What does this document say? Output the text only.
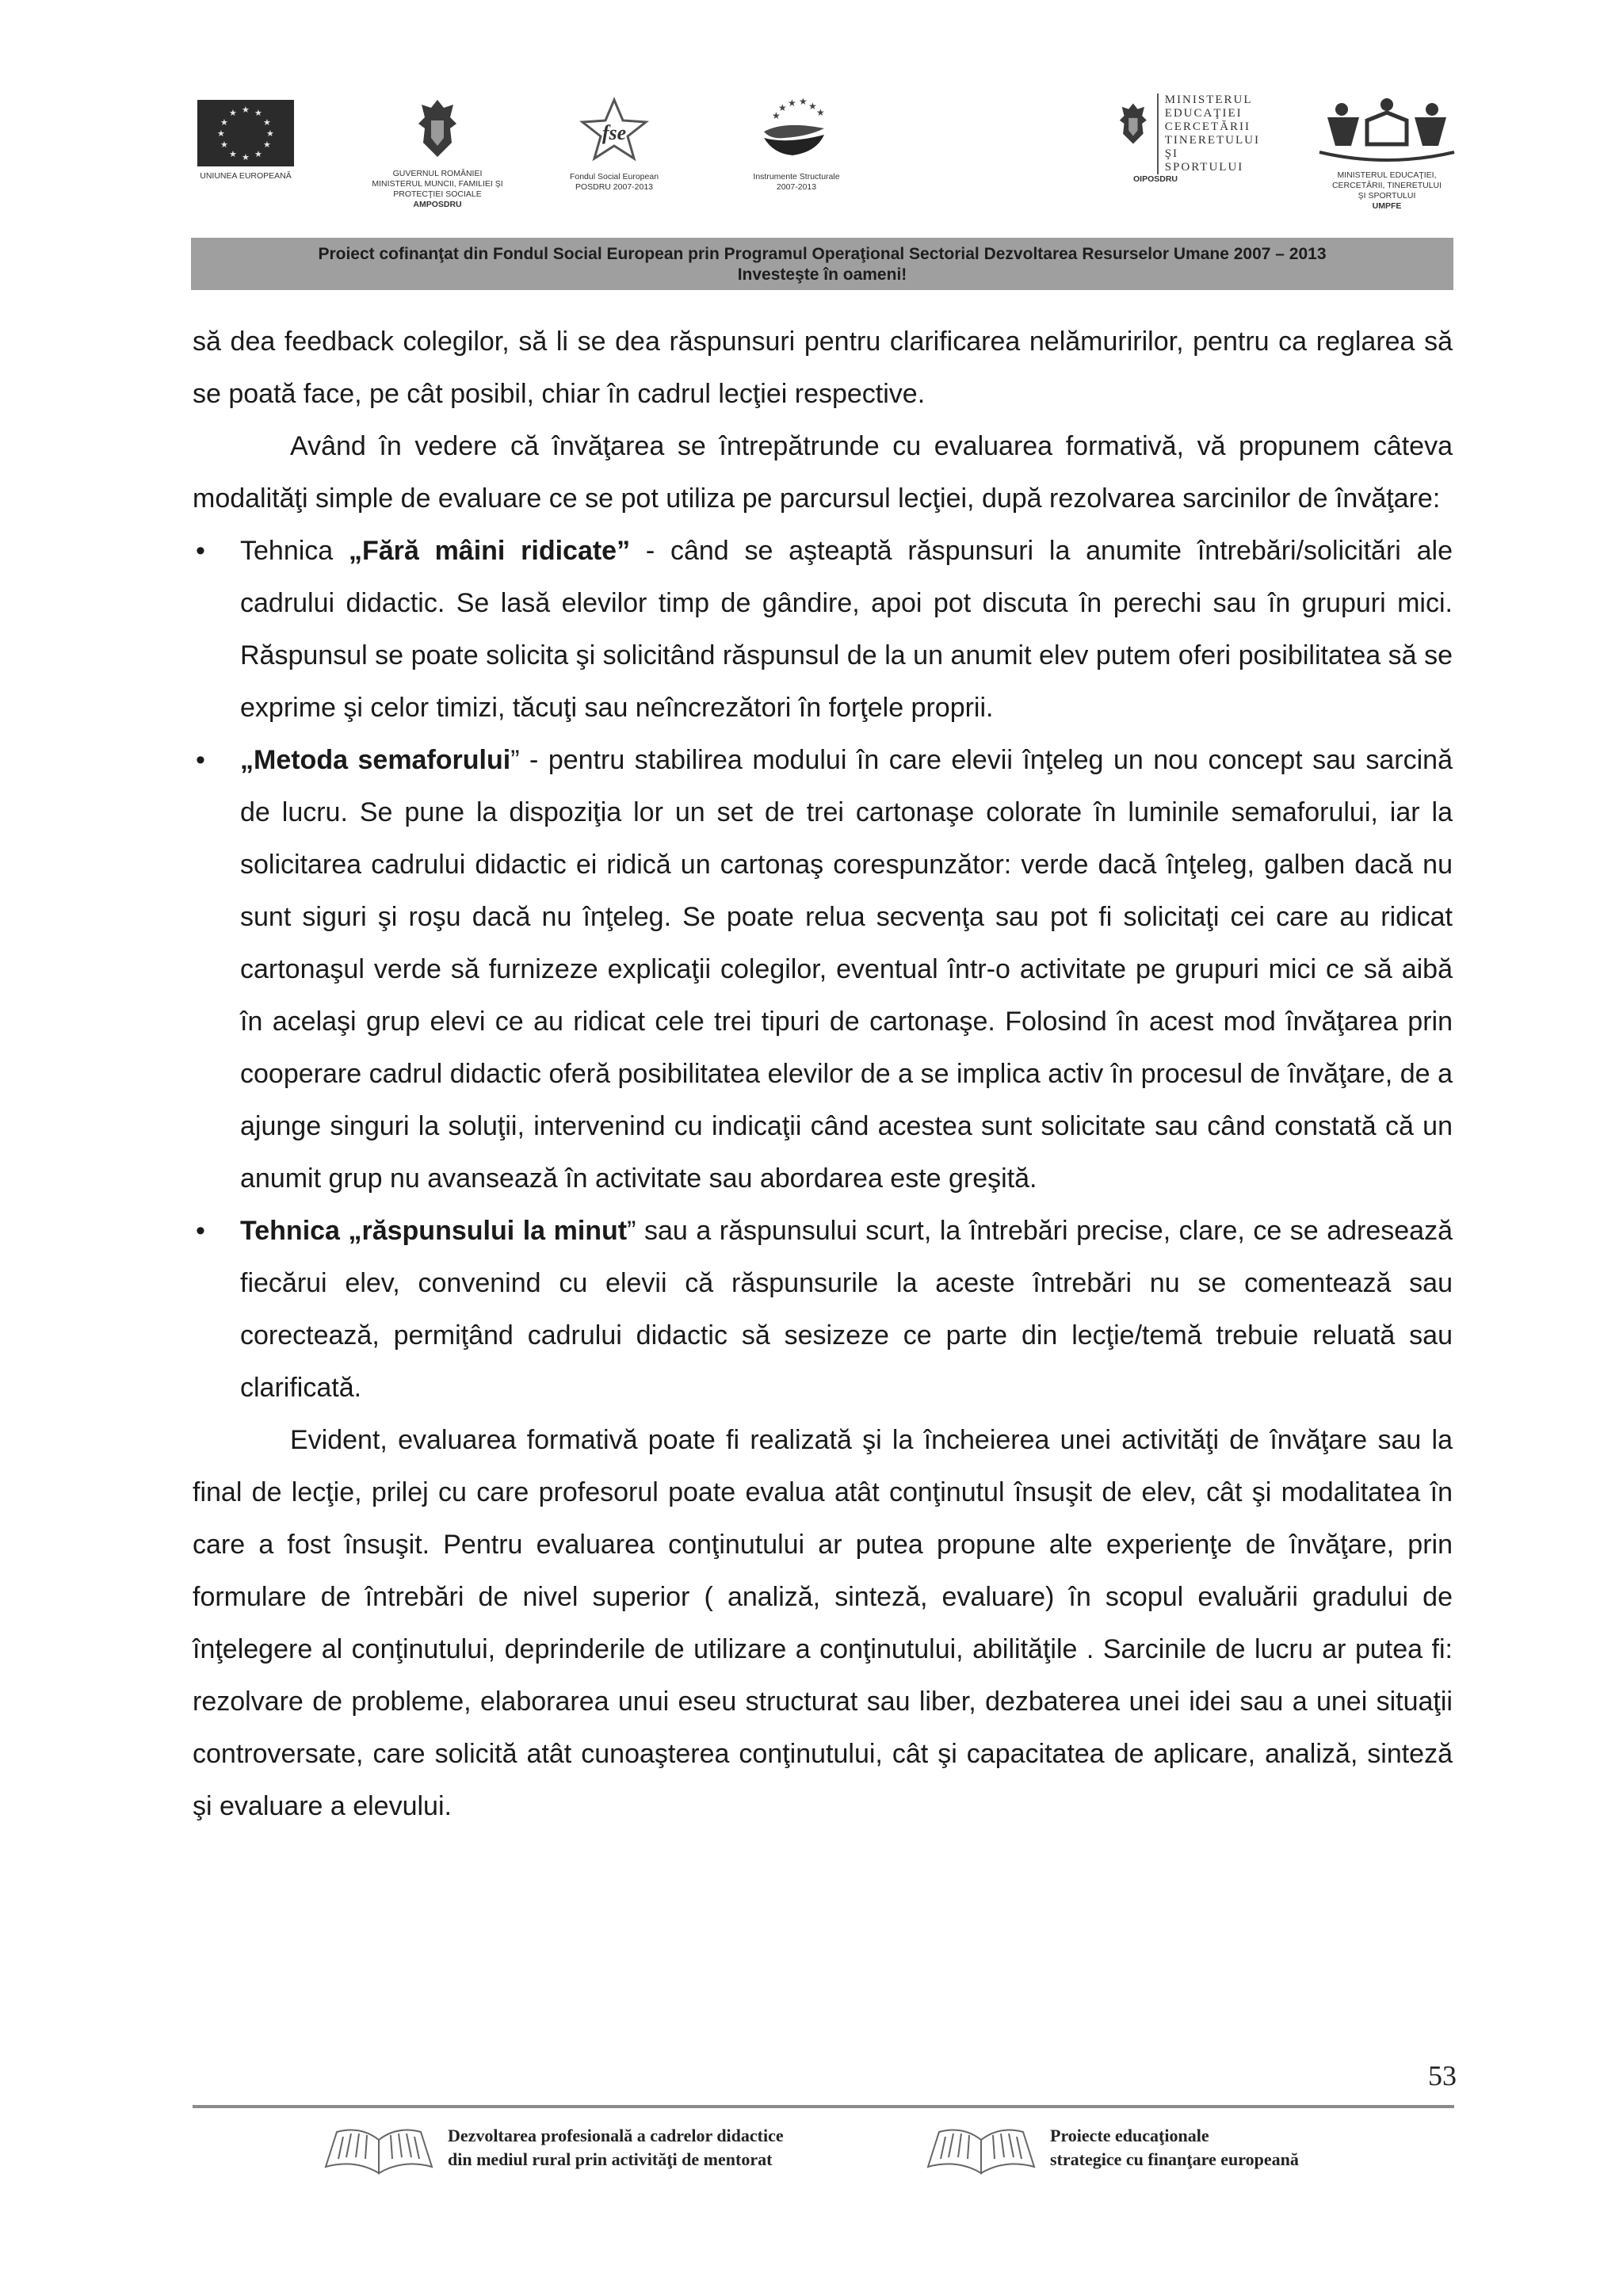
★ ★
★
★
★
★
★
★
★
★
★
★
UNIUNEA EUROPEANĂ	GUVERNUL ROMÂNIEI
MINISTERUL MUNCII, FAMILIEI ŞI
PROTECŢIEI SOCIALE
AMPOSDRU
fse
Fondul Social European
POSDRU 2007-2013
★ ★ ★
★
★
★
Instrumente Structurale
2007-2013
MINISTERUL
EDUCAŢIEI
CERCETĂRII
TINERETULUI
ŞI SPORTULUI
OIPOSDRU	MINISTERUL EDUCAŢIEI,
CERCETĂRII, TINERETULUI
ŞI SPORTULUI
UMPFE
Proiect cofinanţat din Fondul Social European prin Programul Operaţional Sectorial Dezvoltarea Resurselor Umane 2007 – 2013
Investeşte în oameni!

să dea feedback colegilor, să li se dea răspunsuri pentru clarificarea nelămuririlor, pentru ca reglarea să se poată face, pe cât posibil, chiar în cadrul lecţiei respective.

Având în vedere că învăţarea se întrepătrunde cu evaluarea formativă, vă propunem câteva modalităţi simple de evaluare ce se pot utiliza pe parcursul lecţiei, după rezolvarea sarcinilor de învăţare:

• Tehnica „Fără mâini ridicate” - când se aşteaptă răspunsuri la anumite întrebări/solicitări ale cadrului didactic. Se lasă elevilor timp de gândire, apoi pot discuta în perechi sau în grupuri mici. Răspunsul se poate solicita şi solicitând răspunsul de la un anumit elev putem oferi posibilitatea să se exprime şi celor timizi, tăcuţi sau neîncrezători în forţele proprii.
• „Metoda semaforului” - pentru stabilirea modului în care elevii înţeleg un nou concept sau sarcină de lucru. Se pune la dispoziţia lor un set de trei cartonaşe colorate în luminile semaforului, iar la solicitarea cadrului didactic ei ridică un cartonaş corespunzător: verde dacă înţeleg, galben dacă nu sunt siguri şi roşu dacă nu înţeleg. Se poate relua secvenţa sau pot fi solicitaţi cei care au ridicat cartonaşul verde să furnizeze explicaţii colegilor, eventual într-o activitate pe grupuri mici ce să aibă în acelaşi grup elevi ce au ridicat cele trei tipuri de cartonaşe. Folosind în acest mod învăţarea prin cooperare cadrul didactic oferă posibilitatea elevilor de a se implica activ în procesul de învăţare, de a ajunge singuri la soluţii, intervenind cu indicaţii când acestea sunt solicitate sau când constată că un anumit grup nu avansează în activitate sau abordarea este greşită.
• Tehnica „răspunsului la minut” sau a răspunsului scurt, la întrebări precise, clare, ce se adresează fiecărui elev, convenind cu elevii că răspunsurile la aceste întrebări nu se comentează sau corectează, permiţând cadrului didactic să sesizeze ce parte din lecţie/temă trebuie reluată sau clarificată.

Evident, evaluarea formativă poate fi realizată şi la încheierea unei activităţi de învăţare sau la final de lecţie, prilej cu care profesorul poate evalua atât conţinutul însuşit de elev, cât şi modalitatea în care a fost însuşit. Pentru evaluarea conţinutului ar putea propune alte experienţe de învăţare, prin formulare de întrebări de nivel superior ( analiză, sinteză, evaluare) în scopul evaluării gradului de înţelegere al conţinutului, deprinderile de utilizare a conţinutului, abilităţile . Sarcinile de lucru ar putea fi: rezolvare de probleme, elaborarea unui eseu structurat sau liber, dezbaterea unei idei sau a unei situaţii controversate, care solicită atât cunoaşterea conţinutului, cât şi capacitatea de aplicare, analiză, sinteză şi evaluare a elevului.

53
Dezvoltarea profesională a cadrelor didactice
din mediul rural prin activităţi de mentorat
Proiecte educaţionale
strategice cu finanţare europeană
